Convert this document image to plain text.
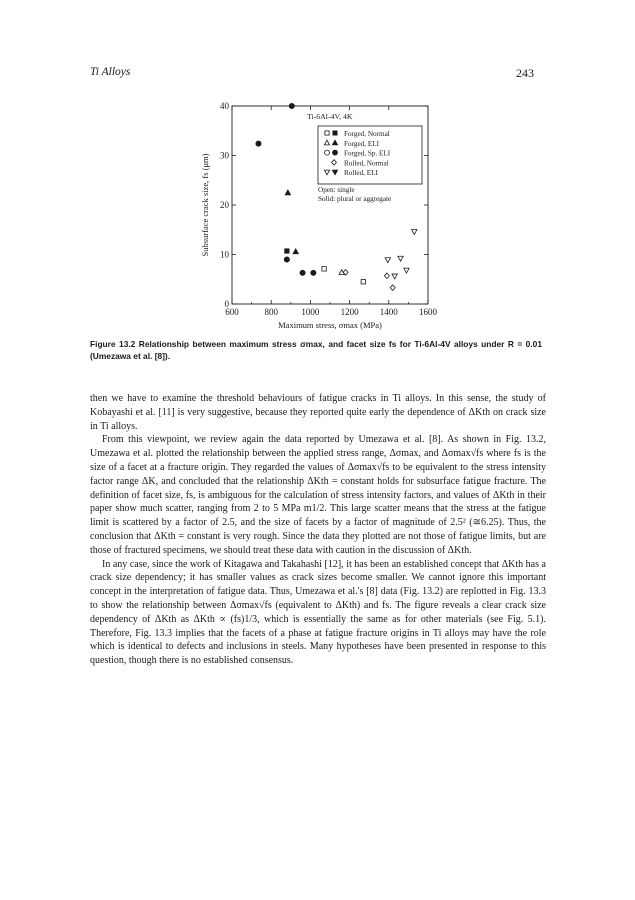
Ti Alloys	243
600	800	1000 1200 1400 1600
0
10
20
30
40
Maximum stress, σmax (MPa)
Subsurface crack size, fs (μm)
Ti-6Al-4V, 4K
Forged, Normal
Forged, ELI
Forged, Sp. ELI
Rolled, Normal
Rolled, ELI
Open: single
Solid: plural or aggregate
Figure 13.2 Relationship between maximum stress σmax, and facet size fs for Ti-6Al-4V alloys under R = 0.01 (Umezawa et al. [8]).

then we have to examine the threshold behaviours of fatigue cracks in Ti alloys. In this sense, the study of Kobayashi et al. [11] is very suggestive, because they reported quite early the dependence of ΔKth on crack size in Ti alloys.

From this viewpoint, we review again the data reported by Umezawa et al. [8]. As shown in Fig. 13.2, Umezawa et al. plotted the relationship between the applied stress range, Δσmax, and Δσmax√fs where fs is the size of a facet at a fracture origin. They regarded the values of Δσmax√fs to be equivalent to the stress intensity factor range ΔK, and concluded that the relationship ΔKth = constant holds for subsurface fatigue fracture. The definition of facet size, fs, is ambiguous for the calculation of stress intensity factors, and values of ΔKth in their paper show much scatter, ranging from 2 to 5 MPa m1/2. This large scatter means that the stress at the fatigue limit is scattered by a factor of 2.5, and the size of facets by a factor of magnitude of 2.5² (≅6.25). Thus, the conclusion that ΔKth = constant is very rough. Since the data they plotted are not those of fatigue limits, but are those of fractured specimens, we should treat these data with caution in the discussion of ΔKth.

In any case, since the work of Kitagawa and Takahashi [12], it has been an established concept that ΔKth has a crack size dependency; it has smaller values as crack sizes become smaller. We cannot ignore this important concept in the interpretation of fatigue data. Thus, Umezawa et al.'s [8] data (Fig. 13.2) are replotted in Fig. 13.3 to show the relationship between Δσmax√fs (equivalent to ΔKth) and fs. The figure reveals a clear crack size dependency of ΔKth as ΔKth ∝ (fs)1/3, which is essentially the same as for other materials (see Fig. 5.1). Therefore, Fig. 13.3 implies that the facets of a phase at fatigue fracture origins in Ti alloys may have the role which is identical to defects and inclusions in steels. Many hypotheses have been presented in response to this question, though there is no established consensus.
